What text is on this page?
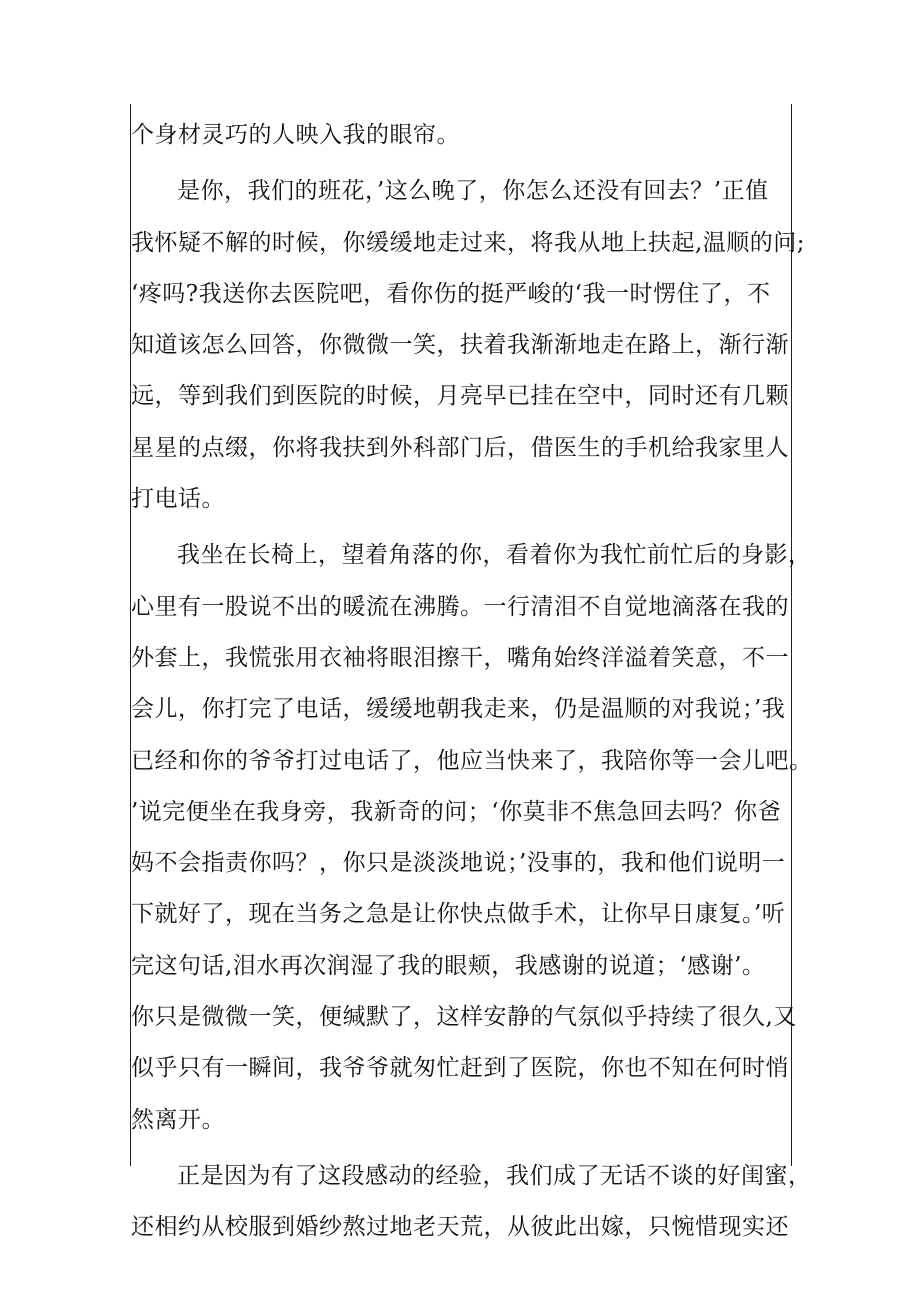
个身材灵巧的人映入我的眼帘。
是你，我们的班花，’这么晚了，你怎么还没有回去？’正值
我怀疑不解的时候，你缓缓地走过来，将我从地上扶起,温顺的问;
‘疼吗?我送你去医院吧，看你伤的挺严峻的‘我一时愣住了，不
知道该怎么回答，你微微一笑，扶着我渐渐地走在路上，渐行渐
远，等到我们到医院的时候，月亮早已挂在空中，同时还有几颗
星星的点缀，你将我扶到外科部门后，借医生的手机给我家里人
打电话。
我坐在长椅上，望着角落的你，看着你为我忙前忙后的身影，
心里有一股说不出的暖流在沸腾。一行清泪不自觉地滴落在我的
外套上，我慌张用衣袖将眼泪擦干，嘴角始终洋溢着笑意，不一
会儿，你打完了电话，缓缓地朝我走来，仍是温顺的对我说；’我
已经和你的爷爷打过电话了，他应当快来了，我陪你等一会儿吧。
’说完便坐在我身旁，我新奇的问；‘你莫非不焦急回去吗？你爸
妈不会指责你吗？，你只是淡淡地说；’没事的，我和他们说明一
下就好了，现在当务之急是让你快点做手术，让你早日康复。’听
完这句话,泪水再次润湿了我的眼颊，我感谢的说道；‘感谢’。
你只是微微一笑，便缄默了，这样安静的气氛似乎持续了很久,又
似乎只有一瞬间，我爷爷就匆忙赶到了医院，你也不知在何时悄
然离开。
正是因为有了这段感动的经验，我们成了无话不谈的好闺蜜，
还相约从校服到婚纱熬过地老天荒，从彼此出嫁，只惋惜现实还
